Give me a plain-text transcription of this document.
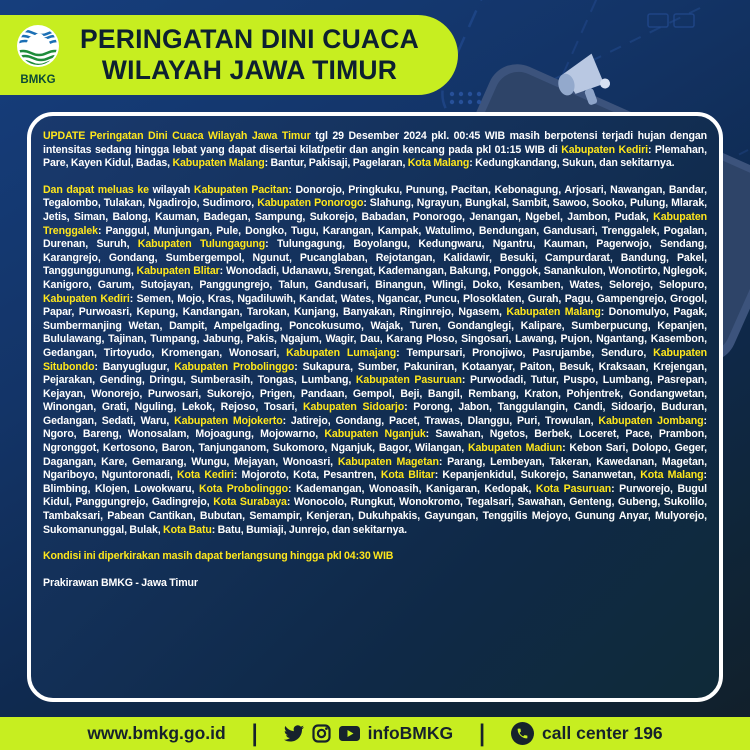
BMKG
PERINGATAN DINI CUACA
WILAYAH JAWA TIMUR

UPDATE Peringatan Dini Cuaca Wilayah Jawa Timur tgl 29 Desember 2024 pkl. 00:45 WIB masih berpotensi terjadi hujan dengan intensitas sedang hingga lebat yang dapat disertai kilat/petir dan angin kencang pada pkl 01:15 WIB di Kabupaten Kediri: Plemahan, Pare, Kayen Kidul, Badas, Kabupaten Malang: Bantur, Pakisaji, Pagelaran, Kota Malang: Kedungkandang, Sukun, dan sekitarnya.

Dan dapat meluas ke wilayah Kabupaten Pacitan: Donorojo, Pringkuku, Punung, Pacitan, Kebonagung, Arjosari, Nawangan, Bandar, Tegalombo, Tulakan, Ngadirojo, Sudimoro, Kabupaten Ponorogo: Slahung, Ngrayun, Bungkal, Sambit, Sawoo, Sooko, Pulung, Mlarak, Jetis, Siman, Balong, Kauman, Badegan, Sampung, Sukorejo, Babadan, Ponorogo, Jenangan, Ngebel, Jambon, Pudak, Kabupaten Trenggalek: Panggul, Munjungan, Pule, Dongko, Tugu, Karangan, Kampak, Watulimo, Bendungan, Gandusari, Trenggalek, Pogalan, Durenan, Suruh, Kabupaten Tulungagung: Tulungagung, Boyolangu, Kedungwaru, Ngantru, Kauman, Pagerwojo, Sendang, Karangrejo, Gondang, Sumbergempol, Ngunut, Pucanglaban, Rejotangan, Kalidawir, Besuki, Campurdarat, Bandung, Pakel, Tanggunggunung, Kabupaten Blitar: Wonodadi, Udanawu, Srengat, Kademangan, Bakung, Ponggok, Sanankulon, Wonotirto, Nglegok, Kanigoro, Garum, Sutojayan, Panggungrejo, Talun, Gandusari, Binangun, Wlingi, Doko, Kesamben, Wates, Selorejo, Selopuro, Kabupaten Kediri: Semen, Mojo, Kras, Ngadiluwih, Kandat, Wates, Ngancar, Puncu, Plosoklaten, Gurah, Pagu, Gampengrejo, Grogol, Papar, Purwoasri, Kepung, Kandangan, Tarokan, Kunjang, Banyakan, Ringinrejo, Ngasem, Kabupaten Malang: Donomulyo, Pagak, Sumbermanjing Wetan, Dampit, Ampelgading, Poncokusumo, Wajak, Turen, Gondanglegi, Kalipare, Sumberpucung, Kepanjen, Bululawang, Tajinan, Tumpang, Jabung, Pakis, Ngajum, Wagir, Dau, Karang Ploso, Singosari, Lawang, Pujon, Ngantang, Kasembon, Gedangan, Tirtoyudo, Kromengan, Wonosari, Kabupaten Lumajang: Tempursari, Pronojiwo, Pasrujambe, Senduro, Kabupaten Situbondo: Banyuglugur, Kabupaten Probolinggo: Sukapura, Sumber, Pakuniran, Kotaanyar, Paiton, Besuk, Kraksaan, Krejengan, Pejarakan, Gending, Dringu, Sumberasih, Tongas, Lumbang, Kabupaten Pasuruan: Purwodadi, Tutur, Puspo, Lumbang, Pasrepan, Kejayan, Wonorejo, Purwosari, Sukorejo, Prigen, Pandaan, Gempol, Beji, Bangil, Rembang, Kraton, Pohjentrek, Gondangwetan, Winongan, Grati, Nguling, Lekok, Rejoso, Tosari, Kabupaten Sidoarjo: Porong, Jabon, Tanggulangin, Candi, Sidoarjo, Buduran, Gedangan, Sedati, Waru, Kabupaten Mojokerto: Jatirejo, Gondang, Pacet, Trawas, Dlanggu, Puri, Trowulan, Kabupaten Jombang: Ngoro, Bareng, Wonosalam, Mojoagung, Mojowarno, Kabupaten Nganjuk: Sawahan, Ngetos, Berbek, Loceret, Pace, Prambon, Ngronggot, Kertosono, Baron, Tanjunganom, Sukomoro, Nganjuk, Bagor, Wilangan, Kabupaten Madiun: Kebon Sari, Dolopo, Geger, Dagangan, Kare, Gemarang, Wungu, Mejayan, Wonoasri, Kabupaten Magetan: Parang, Lembeyan, Takeran, Kawedanan, Magetan, Ngariboyo, Nguntoronadi, Kota Kediri: Mojoroto, Kota, Pesantren, Kota Blitar: Kepanjenkidul, Sukorejo, Sananwetan, Kota Malang: Blimbing, Klojen, Lowokwaru, Kota Probolinggo: Kademangan, Wonoasih, Kanigaran, Kedopak, Kota Pasuruan: Purworejo, Bugul Kidul, Panggungrejo, Gadingrejo, Kota Surabaya: Wonocolo, Rungkut, Wonokromo, Tegalsari, Sawahan, Genteng, Gubeng, Sukolilo, Tambaksari, Pabean Cantikan, Bubutan, Semampir, Kenjeran, Dukuhpakis, Gayungan, Tenggilis Mejoyo, Gunung Anyar, Mulyorejo, Sukomanunggal, Bulak, Kota Batu: Batu, Bumiaji, Junrejo, dan sekitarnya.

Kondisi ini diperkirakan masih dapat berlangsung hingga pkl 04:30 WIB

Prakirawan BMKG - Jawa Timur

www.bmkg.go.id |	infoBMKG |	call center 196
